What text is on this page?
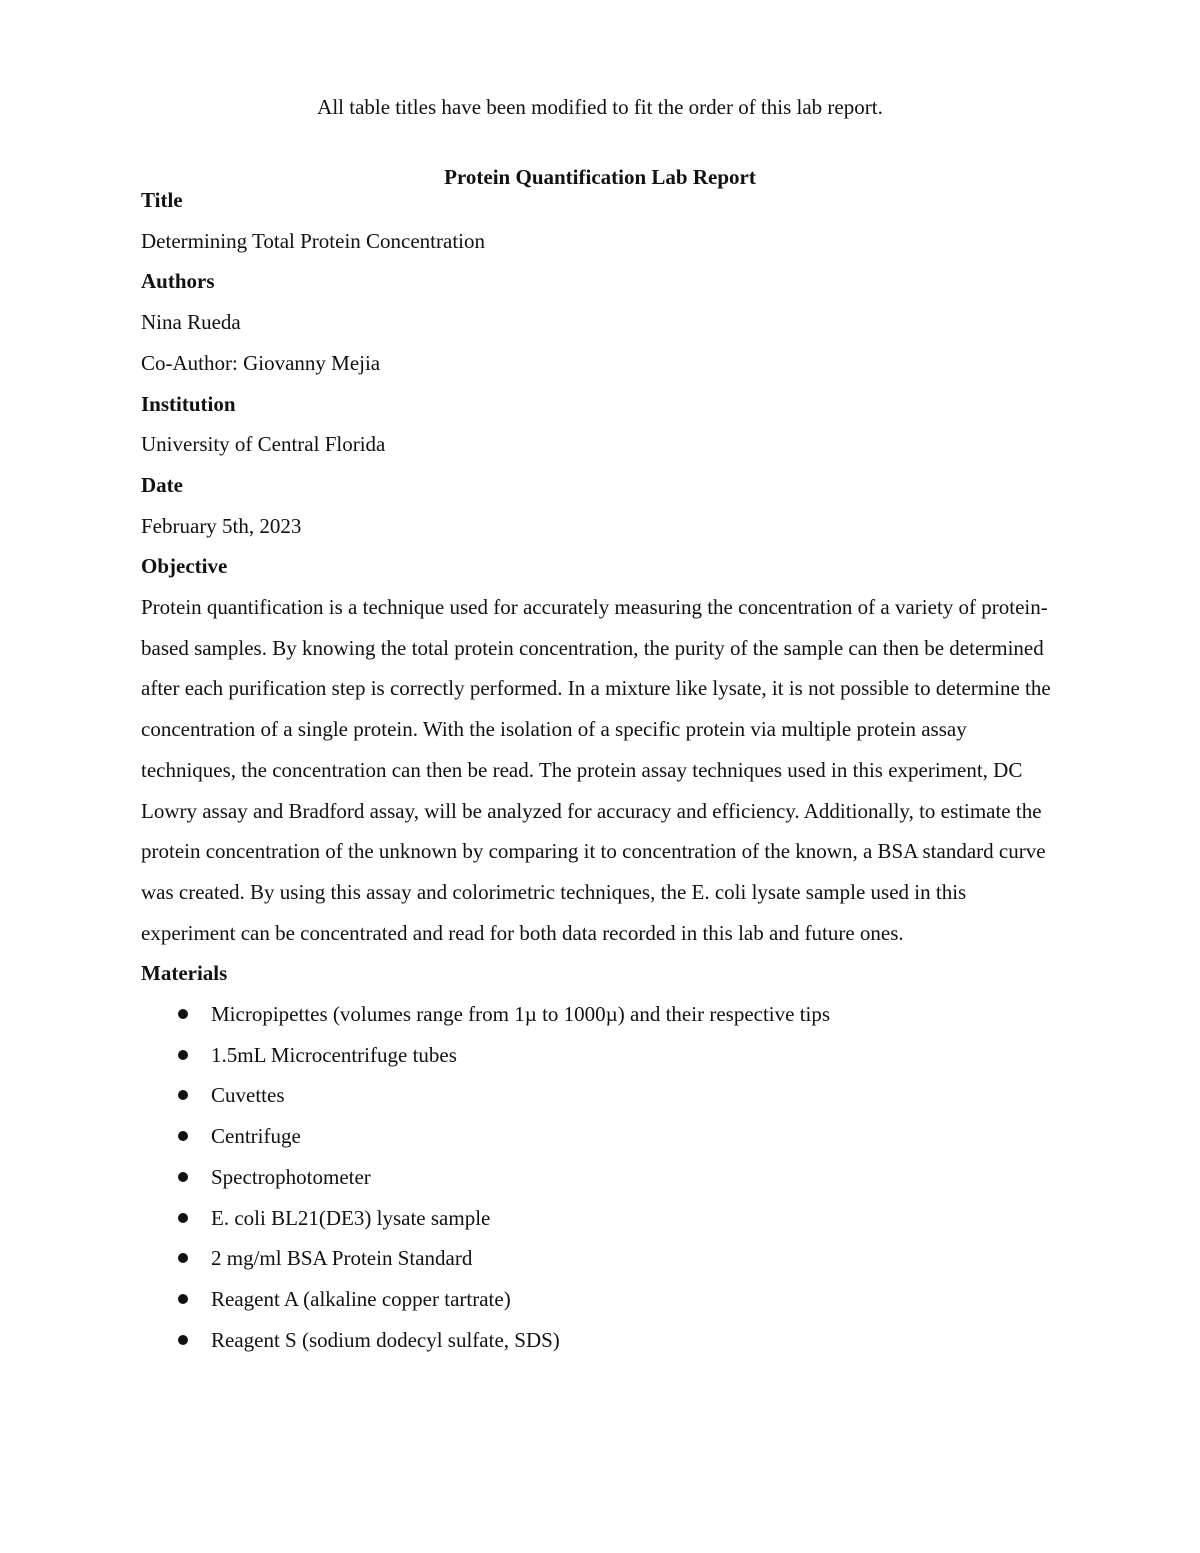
All table titles have been modified to fit the order of this lab report.

Protein Quantification Lab Report

Title

Determining Total Protein Concentration

Authors

Nina Rueda

Co-Author: Giovanny Mejia

Institution

University of Central Florida

Date

February 5th, 2023

Objective

Protein quantification is a technique used for accurately measuring the concentration of a variety of protein-based samples. By knowing the total protein concentration, the purity of the sample can then be determined after each purification step is correctly performed. In a mixture like lysate, it is not possible to determine the concentration of a single protein. With the isolation of a specific protein via multiple protein assay techniques, the concentration can then be read. The protein assay techniques used in this experiment, DC Lowry assay and Bradford assay, will be analyzed for accuracy and efficiency. Additionally, to estimate the protein concentration of the unknown by comparing it to concentration of the known, a BSA standard curve was created. By using this assay and colorimetric techniques, the E. coli lysate sample used in this experiment can be concentrated and read for both data recorded in this lab and future ones.

Materials

Micropipettes (volumes range from 1µ to 1000µ) and their respective tips
1.5mL Microcentrifuge tubes
Cuvettes
Centrifuge
Spectrophotometer
E. coli BL21(DE3) lysate sample
2 mg/ml BSA Protein Standard
Reagent A (alkaline copper tartrate)
Reagent S (sodium dodecyl sulfate, SDS)
